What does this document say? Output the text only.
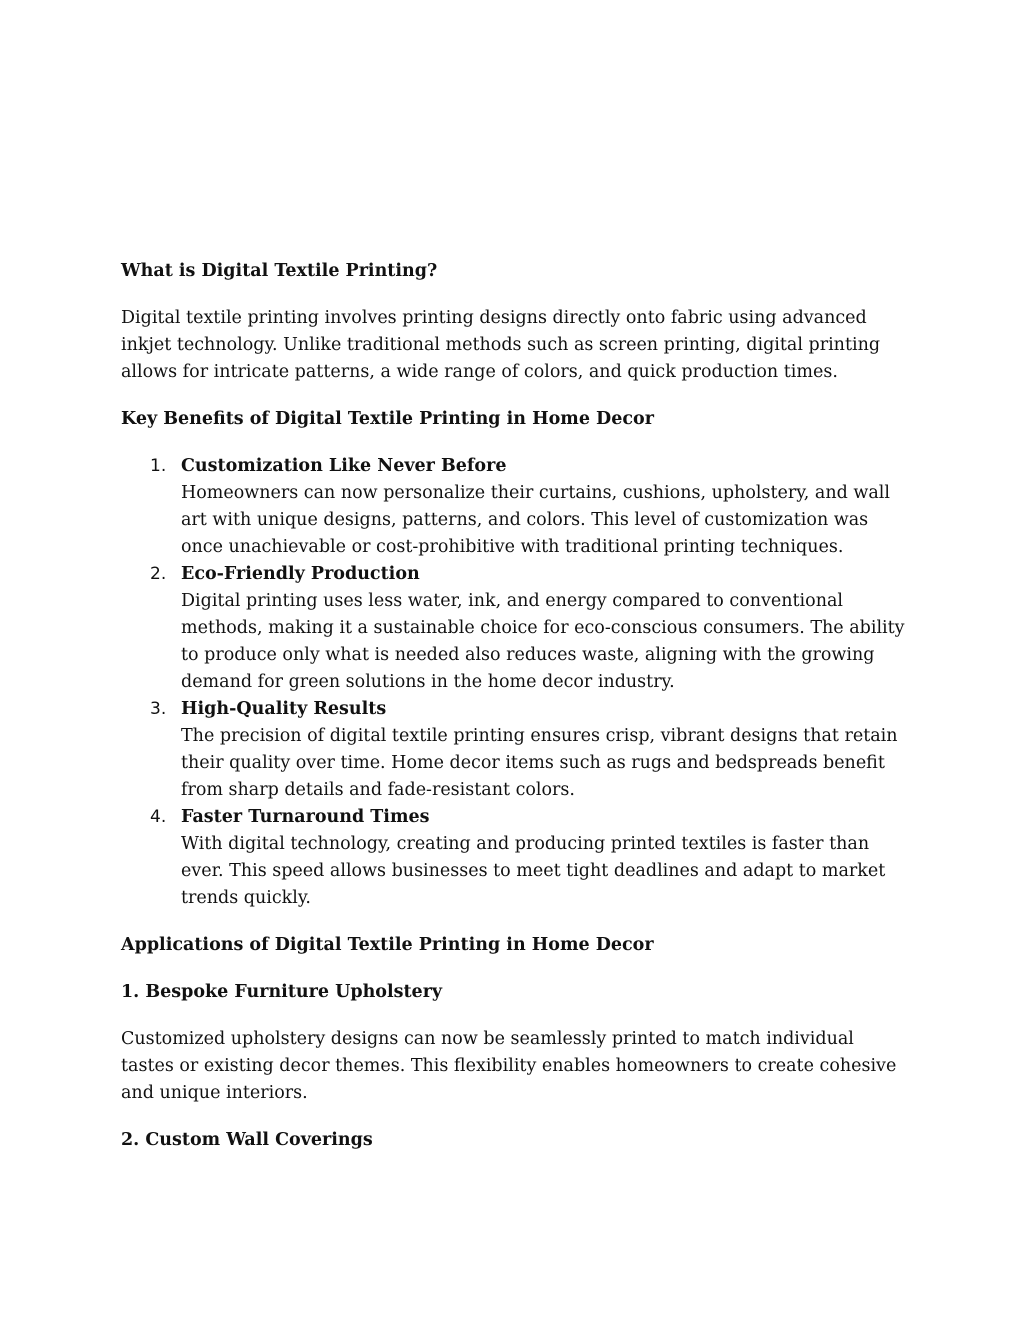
What is Digital Textile Printing?

Digital textile printing involves printing designs directly onto fabric using advanced inkjet technology. Unlike traditional methods such as screen printing, digital printing allows for intricate patterns, a wide range of colors, and quick production times.

Key Benefits of Digital Textile Printing in Home Decor
1. Customization Like Never Before
Homeowners can now personalize their curtains, cushions, upholstery, and wall art with unique designs, patterns, and colors. This level of customization was once unachievable or cost-prohibitive with traditional printing techniques.
2. Eco-Friendly Production
Digital printing uses less water, ink, and energy compared to conventional methods, making it a sustainable choice for eco-conscious consumers. The ability to produce only what is needed also reduces waste, aligning with the growing demand for green solutions in the home decor industry.
3. High-Quality Results
The precision of digital textile printing ensures crisp, vibrant designs that retain their quality over time. Home decor items such as rugs and bedspreads benefit from sharp details and fade-resistant colors.
4. Faster Turnaround Times
With digital technology, creating and producing printed textiles is faster than ever. This speed allows businesses to meet tight deadlines and adapt to market trends quickly.
Applications of Digital Textile Printing in Home Decor
1. Bespoke Furniture Upholstery

Customized upholstery designs can now be seamlessly printed to match individual tastes or existing decor themes. This flexibility enables homeowners to create cohesive and unique interiors.

2. Custom Wall Coverings
